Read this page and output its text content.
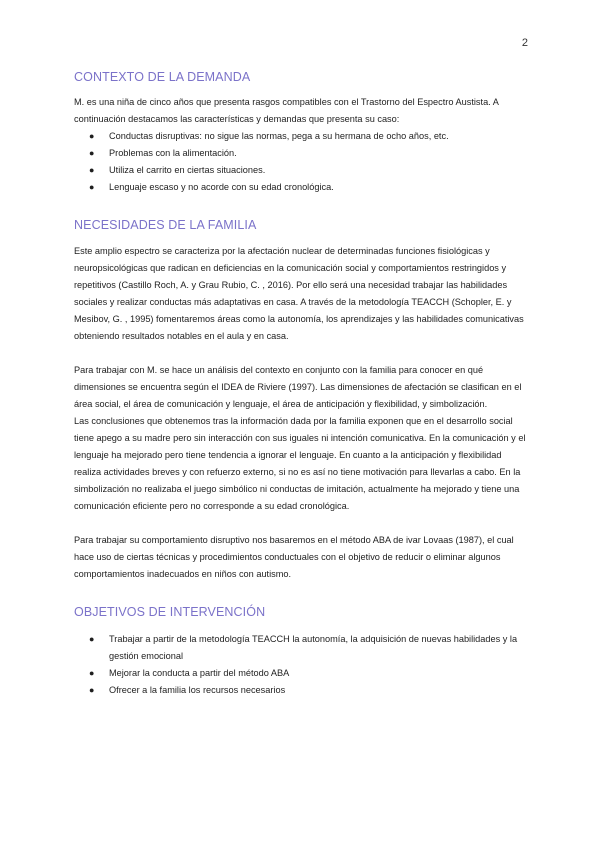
2
CONTEXTO DE LA DEMANDA

M. es una niña de cinco años que presenta rasgos compatibles con el Trastorno del Espectro Austista. A continuación destacamos las características y demandas que presenta su caso:

● Conductas disruptivas: no sigue las normas, pega a su hermana de ocho años, etc.
● Problemas con la alimentación.
● Utiliza el carrito en ciertas situaciones.
● Lenguaje escaso y no acorde con su edad cronológica.
NECESIDADES DE LA FAMILIA

Este amplio espectro se caracteriza por la afectación nuclear de determinadas funciones fisiológicas y neuropsicológicas que radican en deficiencias en la comunicación social y comportamientos restringidos y repetitivos (Castillo Roch, A. y Grau Rubio, C. , 2016). Por ello será una necesidad trabajar las habilidades sociales y realizar conductas más adaptativas en casa. A través de la metodología TEACCH (Schopler, E. y Mesibov, G. , 1995) fomentaremos áreas como la autonomía, los aprendizajes y las habilidades comunicativas obteniendo resultados notables en el aula y en casa.

Para trabajar con M. se hace un análisis del contexto en conjunto con la familia para conocer en qué dimensiones se encuentra según el IDEA de Riviere (1997). Las dimensiones de afectación se clasifican en el área social, el área de comunicación y lenguaje, el área de anticipación y flexibilidad, y simbolización.

Las conclusiones que obtenemos tras la información dada por la familia exponen que en el desarrollo social tiene apego a su madre pero sin interacción con sus iguales ni intención comunicativa. En la comunicación y el lenguaje ha mejorado pero tiene tendencia a ignorar el lenguaje. En cuanto a la anticipación y flexibilidad realiza actividades breves y con refuerzo externo, si no es así no tiene motivación para llevarlas a cabo. En la simbolización no realizaba el juego simbólico ni conductas de imitación, actualmente ha mejorado y tiene una comunicación eficiente pero no corresponde a su edad cronológica.

Para trabajar su comportamiento disruptivo nos basaremos en el método ABA de ivar Lovaas (1987), el cual hace uso de ciertas técnicas y procedimientos conductuales con el objetivo de reducir o eliminar algunos comportamientos inadecuados en niños con autismo.

OBJETIVOS DE INTERVENCIÓN
● Trabajar a partir de la metodología TEACCH la autonomía, la adquisición de nuevas habilidades y la gestión emocional
● Mejorar la conducta a partir del método ABA
● Ofrecer a la familia los recursos necesarios
